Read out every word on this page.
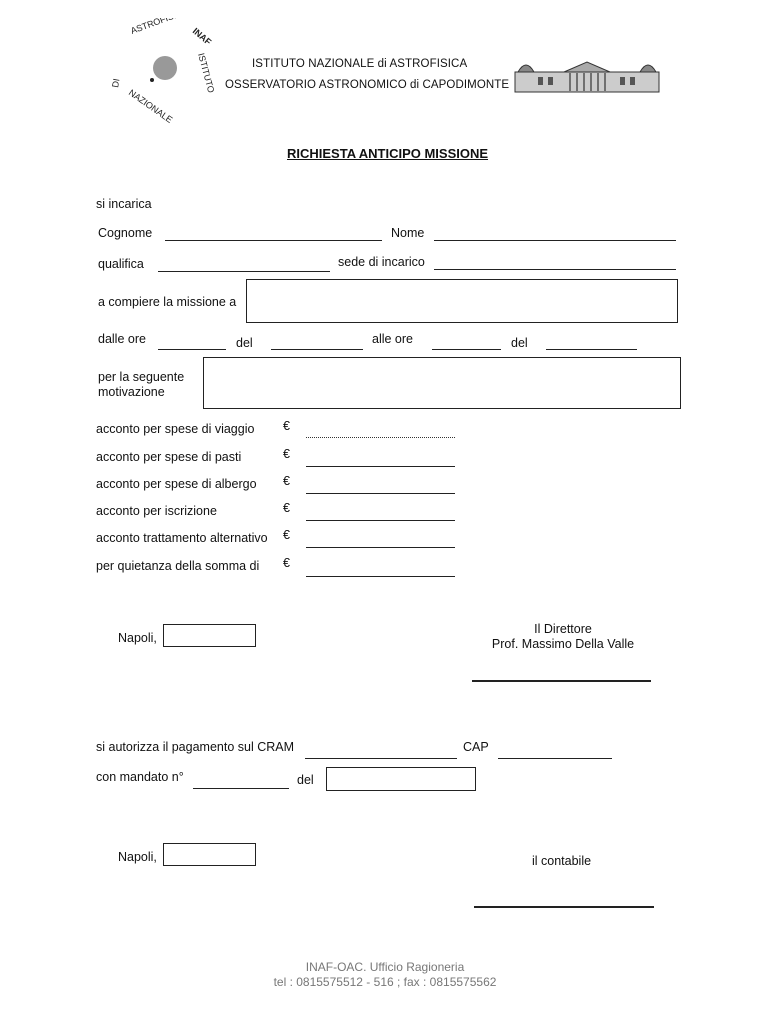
ASTROFISICA
INAF
ISTITUTO
NAZIONALE
DI
ISTITUTO NAZIONALE di ASTROFISICA
OSSERVATORIO ASTRONOMICO di CAPODIMONTE
RICHIESTA ANTICIPO MISSIONE
si incarica
Cognome	Nome
qualifica	sede di incarico
a compiere la missione a
dalle ore	del	alle ore	del
per la seguente
motivazione
acconto per spese di viaggio €
acconto per spese di pasti	€
acconto per spese di albergo €
acconto per iscrizione	€
acconto trattamento alternativo €
per quietanza della somma di €
Napoli,
Il Direttore
Prof. Massimo Della Valle
si autorizza il pagamento sul CRAM	CAP
con mandato n°	del
Napoli,	il contabile
INAF-OAC. Ufficio Ragioneria
tel : 0815575512 - 516 ; fax : 0815575562
